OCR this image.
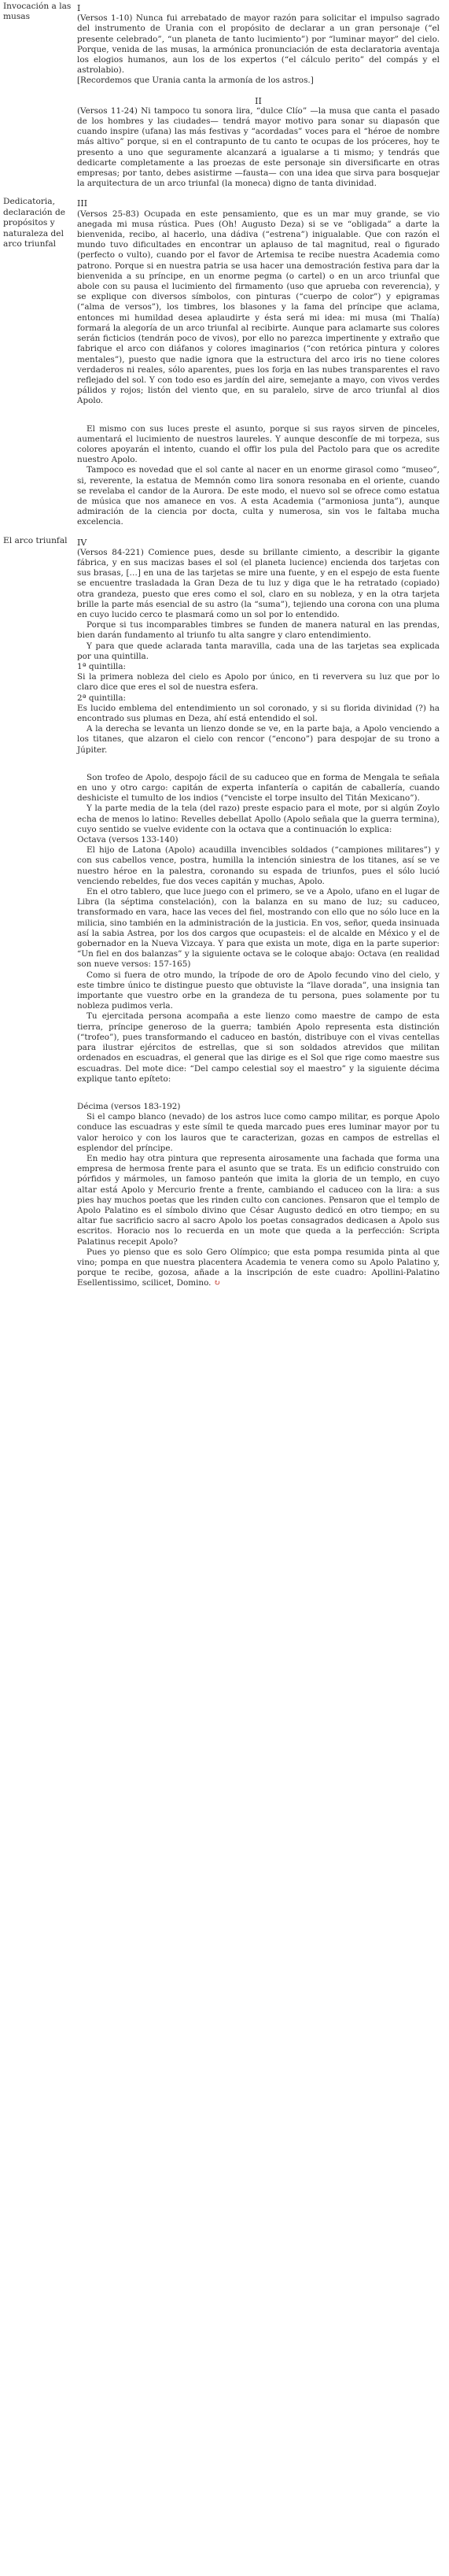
Invocación a las musas
I

(Versos 1-10) Nunca fui arrebatado de mayor razón para solicitar el impulso sagrado del instrumento de Urania con el propósito de declarar a un gran personaje (“el presente celebrado”, “un planeta de tanto lucimiento”) por “luminar mayor” del cielo. Porque, venida de las musas, la armónica pronunciación de esta declaratoria aventaja los elogios humanos, aun los de los expertos (“el cálculo perito” del compás y el astrolabio).

[Recordemos que Urania canta la armonía de los astros.]

II

(Versos 11-24) Ni tampoco tu sonora lira, “dulce Clío” —la musa que canta el pasado de los hombres y las ciudades— tendrá mayor motivo para sonar su diapasón que cuando inspire (ufana) las más festivas y “acordadas” voces para el “héroe de nombre más altivo” porque, si en el contrapunto de tu canto te ocupas de los próceres, hoy te presento a uno que seguramente alcanzará a igualarse a ti mismo; y tendrás que dedicarte completamente a las proezas de este personaje sin diversificarte en otras empresas; por tanto, debes asistirme —fausta— con una idea que sirva para bosquejar la arquitectura de un arco triunfal (la moneca) digno de tanta divinidad.

Dedicatoria, declaración de propósitos y naturaleza del arco triunfal
III

(Versos 25-83) Ocupada en este pensamiento, que es un mar muy grande, se vio anegada mi musa rústica. Pues (Oh! Augusto Deza) si se ve “obligada” a darte la bienvenida, recibo, al hacerlo, una dádiva (“estrena”) inigualable. Que con razón el mundo tuvo dificultades en encontrar un aplauso de tal magnitud, real o figurado (perfecto o vulto), cuando por el favor de Artemisa te recibe nuestra Academia como patrono. Porque si en nuestra patria se usa hacer una demostración festiva para dar la bienvenida a su príncipe, en un enorme pegma (o cartel) o en un arco triunfal que abole con su pausa el lucimiento del firmamento (uso que aprueba con reverencia), y se explique con diversos símbolos, con pinturas (“cuerpo de color”) y epigramas (“alma de versos”), los timbres, los blasones y la fama del príncipe que aclama, entonces mi humildad desea aplaudirte y ésta será mi idea: mi musa (mi Thalía) formará la alegoría de un arco triunfal al recibirte. Aunque para aclamarte sus colores serán ficticios (tendrán poco de vivos), por ello no parezca impertinente y extraño que fabrique el arco con diáfanos y colores imaginarios (“con retórica pintura y colores mentales”), puesto que nadie ignora que la estructura del arco iris no tiene colores verdaderos ni reales, sólo aparentes, pues los forja en las nubes transparentes el ravo reflejado del sol. Y con todo eso es jardín del aire, semejante a mayo, con vivos verdes pálidos y rojos; listón del viento que, en su paralelo, sirve de arco triunfal al dios Apolo.

El mismo con sus luces preste el asunto, porque si sus rayos sirven de pinceles, aumentará el lucimiento de nuestros laureles. Y aunque desconfíe de mi torpeza, sus colores apoyarán el intento, cuando el offir los pula del Pactolo para que os acredite nuestro Apolo.

Tampoco es novedad que el sol cante al nacer en un enorme girasol como “museo”, si, reverente, la estatua de Memnón como lira sonora resonaba en el oriente, cuando se revelaba el candor de la Aurora. De este modo, el nuevo sol se ofrece como estatua de música que nos amanece en vos. A esta Academia (“armoniosa junta”), aunque admiración de la ciencia por docta, culta y numerosa, sin vos le faltaba mucha excelencia.

El arco triunfal	IV

(Versos 84-221) Comience pues, desde su brillante cimiento, a describir la gigante fábrica, y en sus macizas bases el sol (el planeta lucience) encienda dos tarjetas con sus brasas, […] en una de las tarjetas se mire una fuente, y en el espejo de esta fuente se encuentre trasladada la Gran Deza de tu luz y diga que le ha retratado (copiado) otra grandeza, puesto que eres como el sol, claro en su nobleza, y en la otra tarjeta brille la parte más esencial de su astro (la “suma”), tejiendo una corona con una pluma en cuyo lucido cerco te plasmará como un sol por lo entendido.

Porque si tus incomparables timbres se funden de manera natural en las prendas, bien darán fundamento al triunfo tu alta sangre y claro entendimiento.

Y para que quede aclarada tanta maravilla, cada una de las tarjetas sea explicada por una quintilla.

1ª quintilla:

Si la primera nobleza del cielo es Apolo por único, en ti reververa su luz que por lo claro dice que eres el sol de nuestra esfera.

2ª quintilla:

Es lucido emblema del entendimiento un sol coronado, y si su florida divinidad (?) ha encontrado sus plumas en Deza, ahí está entendido el sol.

A la derecha se levanta un lienzo donde se ve, en la parte baja, a Apolo venciendo a los titanes, que alzaron el cielo con rencor (“encono”) para despojar de su trono a Júpiter.

Son trofeo de Apolo, despojo fácil de su caduceo que en forma de Mengala te señala en uno y otro cargo: capitán de experta infantería o capitán de caballería, cuando deshiciste el tumulto de los indios (“venciste el torpe insulto del Titán Mexicano”).

Y la parte media de la tela (del razo) preste espacio para el mote, por si algún Zoylo echa de menos lo latino: Revelles debellat Apollo (Apolo señala que la guerra termina), cuyo sentido se vuelve evidente con la octava que a continuación lo explica:

Octava (versos 133-140)

El hijo de Latona (Apolo) acaudilla invencibles soldados (“campiones militares”) y con sus cabellos vence, postra, humilla la intención siniestra de los titanes, así se ve nuestro héroe en la palestra, coronando su espada de triunfos, pues el sólo lució venciendo rebeldes, fue dos veces capitán y muchas, Apolo.

En el otro tablero, que luce juego con el primero, se ve a Apolo, ufano en el lugar de Libra (la séptima constelación), con la balanza en su mano de luz; su caduceo, transformado en vara, hace las veces del fiel, mostrando con ello que no sólo luce en la milicia, sino también en la administración de la justicia. En vos, señor, queda insinuada así la sabia Astrea, por los dos cargos que ocupasteis: el de alcalde en México y el de gobernador en la Nueva Vizcaya. Y para que exista un mote, diga en la parte superior: “Un fiel en dos balanzas” y la siguiente octava se le coloque abajo: Octava (en realidad son nueve versos: 157-165)

Como si fuera de otro mundo, la trípode de oro de Apolo fecundo vino del cielo, y este timbre único te distingue puesto que obtuviste la “llave dorada”, una insignia tan importante que vuestro orbe en la grandeza de tu persona, pues solamente por tu nobleza pudimos verla.

Tu ejercitada persona acompaña a este lienzo como maestre de campo de esta tierra, príncipe generoso de la guerra; también Apolo representa esta distinción (“trofeo”), pues transformando el caduceo en bastón, distribuye con el vivas centellas para ilustrar ejércitos de estrellas, que si son soldados atrevidos que militan ordenados en escuadras, el general que las dirige es el Sol que rige como maestre sus escuadras. Del mote dice: “Del campo celestial soy el maestro” y la siguiente décima explique tanto epíteto:

Décima (versos 183-192)

Si el campo blanco (nevado) de los astros luce como campo militar, es porque Apolo conduce las escuadras y este símil te queda marcado pues eres luminar mayor por tu valor heroico y con los lauros que te caracterizan, gozas en campos de estrellas el esplendor del príncipe.

En medio hay otra pintura que representa airosamente una fachada que forma una empresa de hermosa frente para el asunto que se trata. Es un edificio construido con pórfidos y mármoles, un famoso panteón que imita la gloria de un templo, en cuyo altar está Apolo y Mercurio frente a frente, cambiando el caduceo con la lira: a sus pies hay muchos poetas que les rinden culto con canciones. Pensaron que el templo de Apolo Palatino es el símbolo divino que César Augusto dedicó en otro tiempo; en su altar fue sacrificio sacro al sacro Apolo los poetas consagrados dedicasen a Apolo sus escritos. Horacio nos lo recuerda en un mote que queda a la perfección: Scripta Palatinus recepit Apolo?

Pues yo pienso que es solo Gero Olímpico; que esta pompa resumida pinta al que vino; pompa en que nuestra placentera Academia te venera como su Apolo Palatino y, porque te recibe, gozosa, añade a la inscripción de este cuadro: Apollini-Palatino Esellentissimo, scilicet, Domino. ↻
